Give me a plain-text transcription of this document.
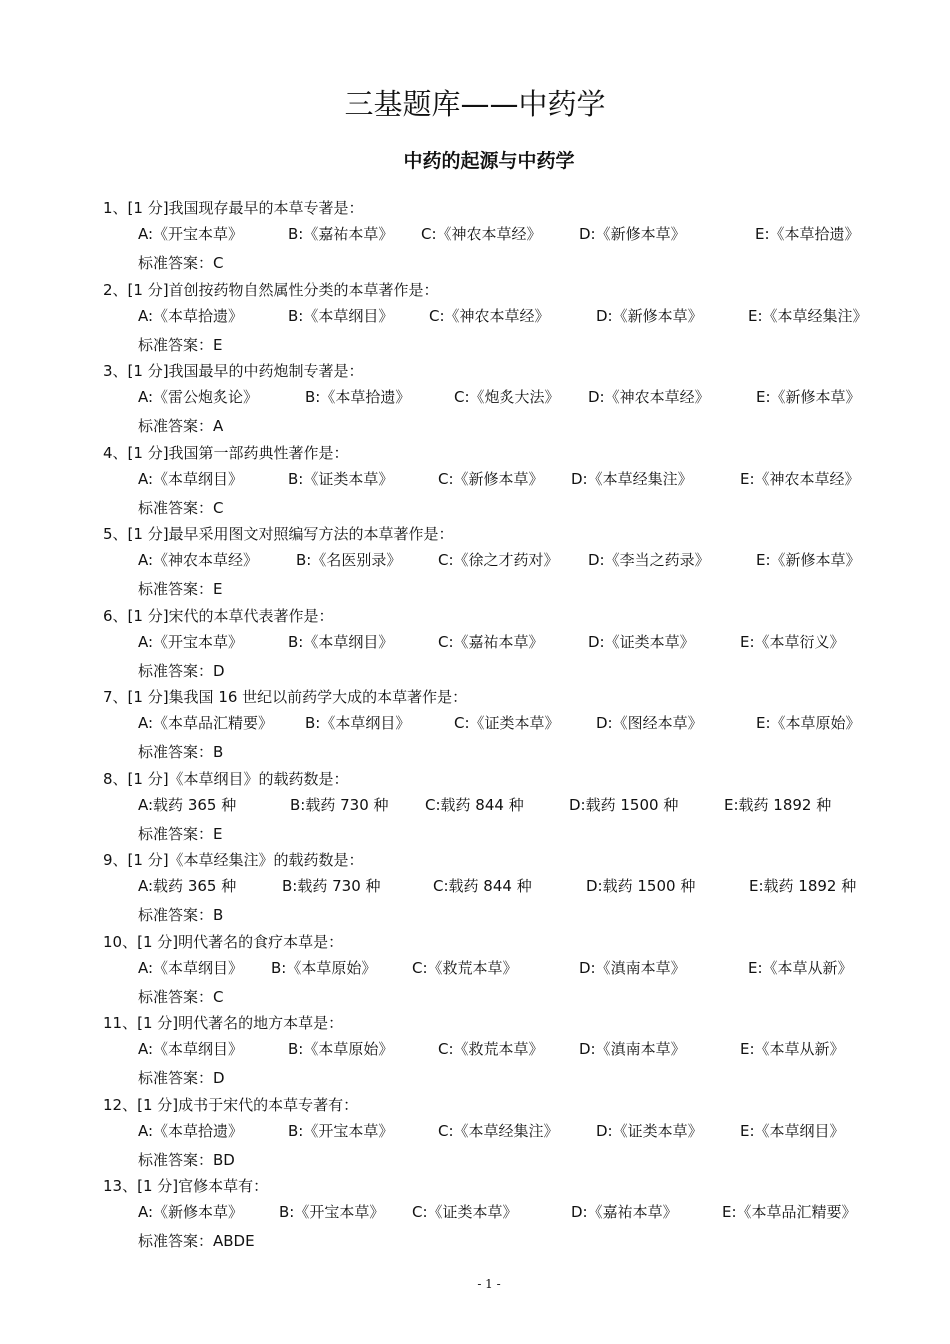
三基题库——中药学
中药的起源与中药学
1、[1 分]我国现存最早的本草专著是：
A:《开宝本草》	B:《嘉祐本草》 C:《神农本草经》 D:《新修本草》	E:《本草拾遗》
标准答案：C
2、[1 分]首创按药物自然属性分类的本草著作是：
A:《本草拾遗》	B:《本草纲目》 C:《神农本草经》	D:《新修本草》	E:《本草经集注》
标准答案：E
3、[1 分]我国最早的中药炮制专著是：
A:《雷公炮炙论》	B:《本草拾遗》	C:《炮炙大法》 D:《神农本草经》	E:《新修本草》
标准答案：A
4、[1 分]我国第一部药典性著作是：
A:《本草纲目》	B:《证类本草》	C:《新修本草》 D:《本草经集注》	E:《神农本草经》
标准答案：C
5、[1 分]最早采用图文对照编写方法的本草著作是：
A:《神农本草经》	B:《名医别录》 C:《徐之才药对》 D:《李当之药录》	E:《新修本草》
标准答案：E
6、[1 分]宋代的本草代表著作是：
A:《开宝本草》	B:《本草纲目》	C:《嘉祐本草》	D:《证类本草》	E:《本草衍义》
标准答案：D
7、[1 分]集我国 16 世纪以前药学大成的本草著作是：
A:《本草品汇精要》 B:《本草纲目》	C:《证类本草》 D:《图经本草》	E:《本草原始》
标准答案：B
8、[1 分]《本草纲目》的载药数是：
A:载药 365 种	B:载药 730 种 C:载药 844 种	D:载药 1500 种	E:载药 1892 种
标准答案：E
9、[1 分]《本草经集注》的载药数是：
A:载药 365 种	B:载药 730 种	C:载药 844 种	D:载药 1500 种	E:载药 1892 种
标准答案：B
10、[1 分]明代著名的食疗本草是：
A:《本草纲目》 B:《本草原始》 C:《救荒本草》	D:《滇南本草》	E:《本草从新》
标准答案：C
11、[1 分]明代著名的地方本草是：
A:《本草纲目》	B:《本草原始》	C:《救荒本草》 D:《滇南本草》	E:《本草从新》
标准答案：D
12、[1 分]成书于宋代的本草专著有：
A:《本草拾遗》	B:《开宝本草》	C:《本草经集注》 D:《证类本草》 E:《本草纲目》
标准答案：BD
13、[1 分]官修本草有：
A:《新修本草》 B:《开宝本草》 C:《证类本草》	D:《嘉祐本草》	E:《本草品汇精要》
标准答案：ABDE
- 1 -
